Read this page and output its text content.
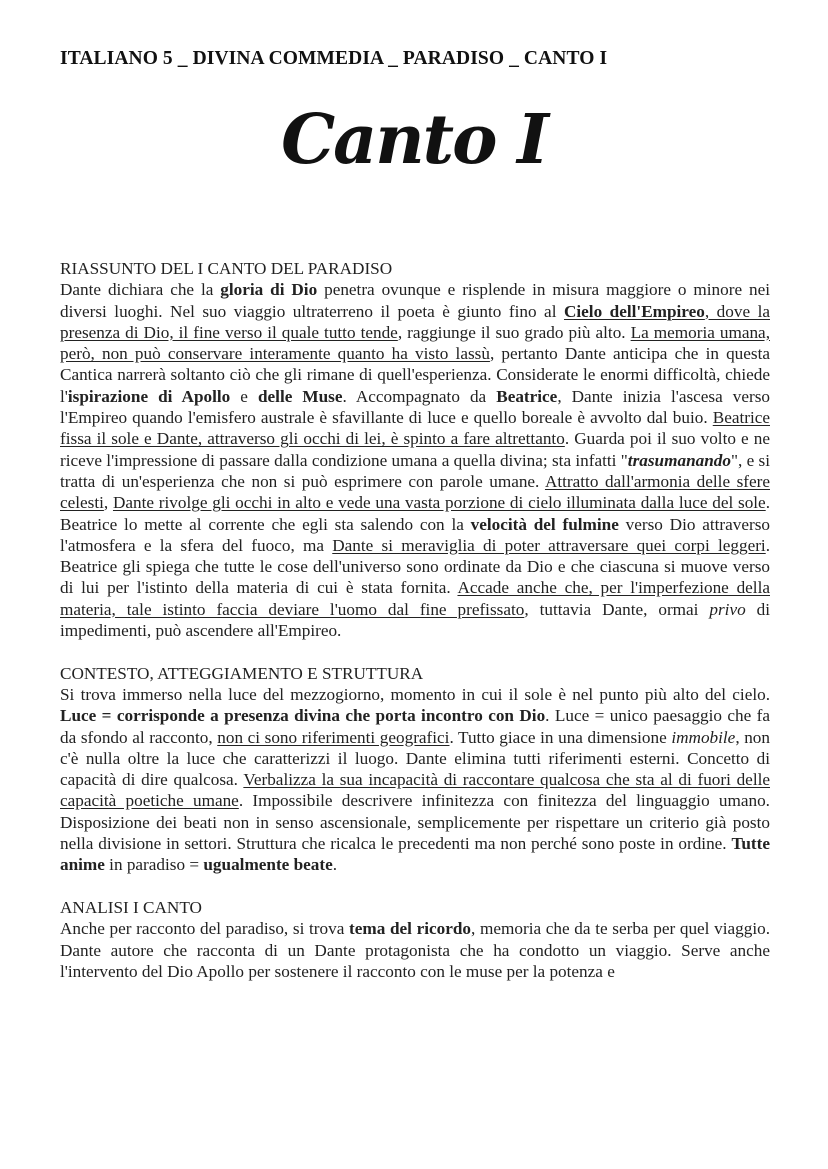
ITALIANO 5 _ DIVINA COMMEDIA _ PARADISO _ CANTO I
Canto I
RIASSUNTO DEL I CANTO DEL PARADISO

Dante dichiara che la gloria di Dio penetra ovunque e risplende in misura maggiore o minore nei diversi luoghi. Nel suo viaggio ultraterreno il poeta è giunto fino al Cielo dell'Empireo, dove la presenza di Dio, il fine verso il quale tutto tende, raggiunge il suo grado più alto. La memoria umana, però, non può conservare interamente quanto ha visto lassù, pertanto Dante anticipa che in questa Cantica narrerà soltanto ciò che gli rimane di quell'esperienza. Considerate le enormi difficoltà, chiede l'ispirazione di Apollo e delle Muse. Accompagnato da Beatrice, Dante inizia l'ascesa verso l'Empireo quando l'emisfero australe è sfavillante di luce e quello boreale è avvolto dal buio. Beatrice fissa il sole e Dante, attraverso gli occhi di lei, è spinto a fare altrettanto. Guarda poi il suo volto e ne riceve l'impressione di passare dalla condizione umana a quella divina; sta infatti "trasumanando", e si tratta di un'esperienza che non si può esprimere con parole umane. Attratto dall'armonia delle sfere celesti, Dante rivolge gli occhi in alto e vede una vasta porzione di cielo illuminata dalla luce del sole. Beatrice lo mette al corrente che egli sta salendo con la velocità del fulmine verso Dio attraverso l'atmosfera e la sfera del fuoco, ma Dante si meraviglia di poter attraversare quei corpi leggeri. Beatrice gli spiega che tutte le cose dell'universo sono ordinate da Dio e che ciascuna si muove verso di lui per l'istinto della materia di cui è stata fornita. Accade anche che, per l'imperfezione della materia, tale istinto faccia deviare l'uomo dal fine prefissato, tuttavia Dante, ormai privo di impedimenti, può ascendere all'Empireo.

CONTESTO, ATTEGGIAMENTO E STRUTTURA

Si trova immerso nella luce del mezzogiorno, momento in cui il sole è nel punto più alto del cielo. Luce = corrisponde a presenza divina che porta incontro con Dio. Luce = unico paesaggio che fa da sfondo al racconto, non ci sono riferimenti geografici. Tutto giace in una dimensione immobile, non c'è nulla oltre la luce che caratterizzi il luogo. Dante elimina tutti riferimenti esterni. Concetto di capacità di dire qualcosa. Verbalizza la sua incapacità di raccontare qualcosa che sta al di fuori delle capacità poetiche umane. Impossibile descrivere infinitezza con finitezza del linguaggio umano. Disposizione dei beati non in senso ascensionale, semplicemente per rispettare un criterio già posto nella divisione in settori. Struttura che ricalca le precedenti ma non perché sono poste in ordine. Tutte anime in paradiso = ugualmente beate.

ANALISI I CANTO

Anche per racconto del paradiso, si trova tema del ricordo, memoria che da te serba per quel viaggio. Dante autore che racconta di un Dante protagonista che ha condotto un viaggio. Serve anche l'intervento del Dio Apollo per sostenere il racconto con le muse per la potenza e
